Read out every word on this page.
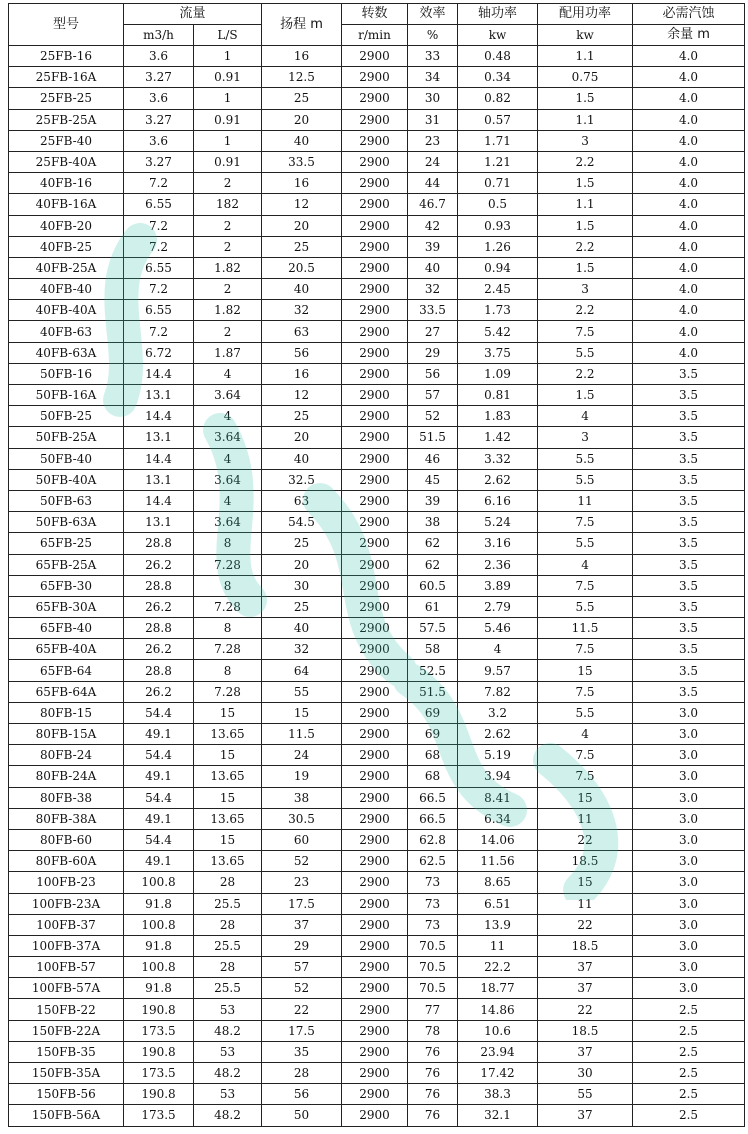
型号	流量		扬程 m	转数	效率	轴功率	配用功率	必需汽蚀
	m3/h	L/S		r/min	%	kw	kw	余量 m
25FB-16	3.6	1	16	2900	33	0.48	1.1	4.0
25FB-16A	3.27	0.91	12.5	2900	34	0.34	0.75	4.0
25FB-25	3.6	1	25	2900	30	0.82	1.5	4.0
25FB-25A	3.27	0.91	20	2900	31	0.57	1.1	4.0
25FB-40	3.6	1	40	2900	23	1.71	3	4.0
25FB-40A	3.27	0.91	33.5	2900	24	1.21	2.2	4.0
40FB-16	7.2	2	16	2900	44	0.71	1.5	4.0
40FB-16A	6.55	182	12	2900	46.7	0.5	1.1	4.0
40FB-20	7.2	2	20	2900	42	0.93	1.5	4.0
40FB-25	7.2	2	25	2900	39	1.26	2.2	4.0
40FB-25A	6.55	1.82	20.5	2900	40	0.94	1.5	4.0
40FB-40	7.2	2	40	2900	32	2.45	3	4.0
40FB-40A	6.55	1.82	32	2900	33.5	1.73	2.2	4.0
40FB-63	7.2	2	63	2900	27	5.42	7.5	4.0
40FB-63A	6.72	1.87	56	2900	29	3.75	5.5	4.0
50FB-16	14.4	4	16	2900	56	1.09	2.2	3.5
50FB-16A	13.1	3.64	12	2900	57	0.81	1.5	3.5
50FB-25	14.4	4	25	2900	52	1.83	4	3.5
50FB-25A	13.1	3.64	20	2900	51.5	1.42	3	3.5
50FB-40	14.4	4	40	2900	46	3.32	5.5	3.5
50FB-40A	13.1	3.64	32.5	2900	45	2.62	5.5	3.5
50FB-63	14.4	4	63	2900	39	6.16	11	3.5
50FB-63A	13.1	3.64	54.5	2900	38	5.24	7.5	3.5
65FB-25	28.8	8	25	2900	62	3.16	5.5	3.5
65FB-25A	26.2	7.28	20	2900	62	2.36	4	3.5
65FB-30	28.8	8	30	2900	60.5	3.89	7.5	3.5
65FB-30A	26.2	7.28	25	2900	61	2.79	5.5	3.5
65FB-40	28.8	8	40	2900	57.5	5.46	11.5	3.5
65FB-40A	26.2	7.28	32	2900	58	4	7.5	3.5
65FB-64	28.8	8	64	2900	52.5	9.57	15	3.5
65FB-64A	26.2	7.28	55	2900	51.5	7.82	7.5	3.5
80FB-15	54.4	15	15	2900	69	3.2	5.5	3.0
80FB-15A	49.1	13.65	11.5	2900	69	2.62	4	3.0
80FB-24	54.4	15	24	2900	68	5.19	7.5	3.0
80FB-24A	49.1	13.65	19	2900	68	3.94	7.5	3.0
80FB-38	54.4	15	38	2900	66.5	8.41	15	3.0
80FB-38A	49.1	13.65	30.5	2900	66.5	6.34	11	3.0
80FB-60	54.4	15	60	2900	62.8	14.06	22	3.0
80FB-60A	49.1	13.65	52	2900	62.5	11.56	18.5	3.0
100FB-23	100.8	28	23	2900	73	8.65	15	3.0
100FB-23A	91.8	25.5	17.5	2900	73	6.51	11	3.0
100FB-37	100.8	28	37	2900	73	13.9	22	3.0
100FB-37A	91.8	25.5	29	2900	70.5	11	18.5	3.0
100FB-57	100.8	28	57	2900	70.5	22.2	37	3.0
100FB-57A	91.8	25.5	52	2900	70.5	18.77	37	3.0
150FB-22	190.8	53	22	2900	77	14.86	22	2.5
150FB-22A	173.5	48.2	17.5	2900	78	10.6	18.5	2.5
150FB-35	190.8	53	35	2900	76	23.94	37	2.5
150FB-35A	173.5	48.2	28	2900	76	17.42	30	2.5
150FB-56	190.8	53	56	2900	76	38.3	55	2.5
150FB-56A	173.5	48.2	50	2900	76	32.1	37	2.5
